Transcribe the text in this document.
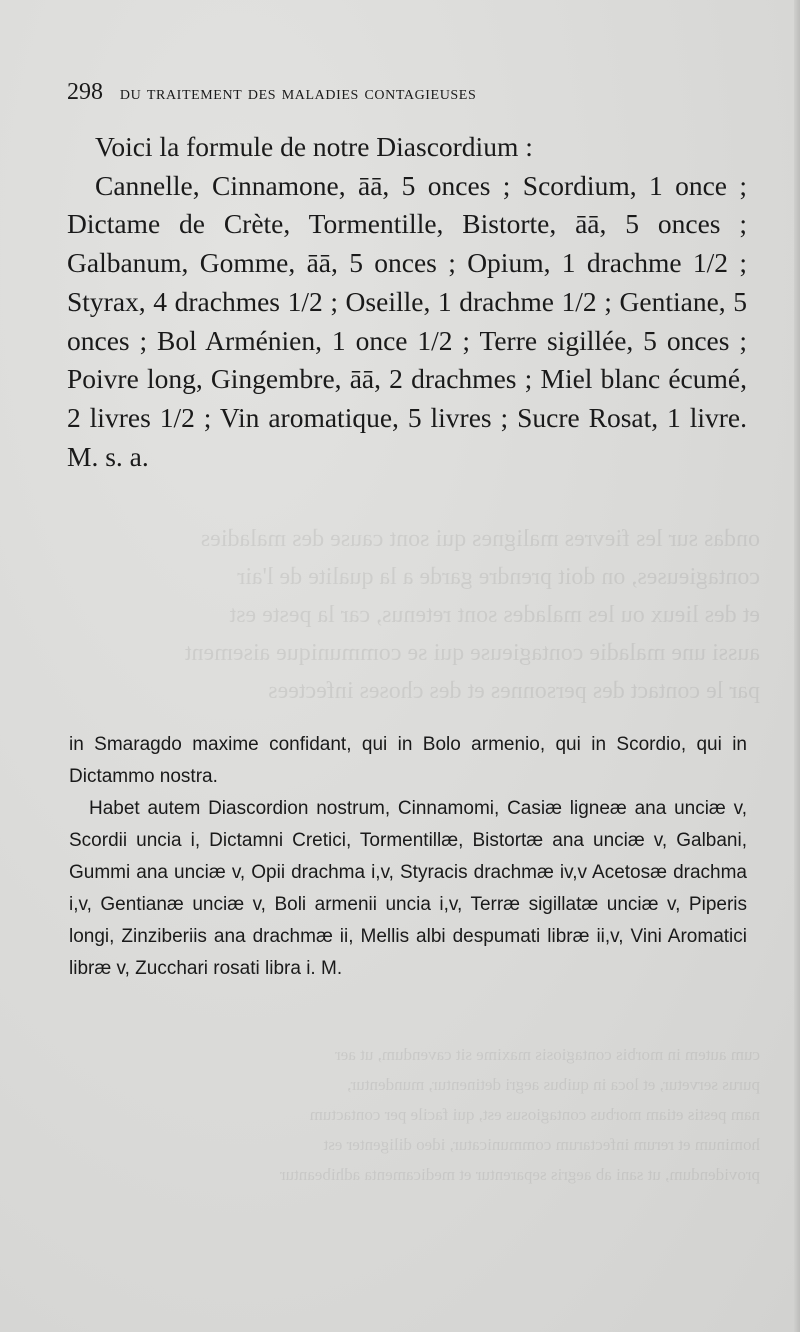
ondas sur les fievres malignes qui sont cause des maladies
contagieuses, on doit prendre garde a la qualite de l'air
et des lieux ou les malades sont retenus, car la peste est
aussi une maladie contagieuse qui se communique aisement
par le contact des personnes et des choses infectees
cum autem in morbis contagiosis maxime sit cavendum, ut aer
purus servetur, et loca in quibus aegri detinentur, mundentur,
nam pestis etiam morbus contagiosus est, qui facile per contactum
hominum et rerum infectarum communicatur, ideo diligenter est
providendum, ut sani ab aegris separentur et medicamenta adhibeantur
298 du traitement des maladies contagieuses

Voici la formule de notre Diascordium :

Cannelle, Cinnamone, āā, 5 onces ; Scordium, 1 once ; Dictame de Crète, Tormentille, Bistorte, āā, 5 onces ; Galbanum, Gomme, āā, 5 onces ; Opium, 1 drachme 1/2 ; Styrax, 4 drachmes 1/2 ; Oseille, 1 drachme 1/2 ; Gentiane, 5 onces ; Bol Arménien, 1 once 1/2 ; Terre sigillée, 5 onces ; Poivre long, Gingembre, āā, 2 drachmes ; Miel blanc écumé, 2 livres 1/2 ; Vin aromatique, 5 livres ; Sucre Rosat, 1 livre. M. s. a.

in Smaragdo maxime confidant, qui in Bolo armenio, qui in Scordio, qui in Dictammo nostra.

Habet autem Diascordion nostrum, Cinnamomi, Casiæ ligneæ ana unciæ v, Scordii uncia i, Dictamni Cretici, Tormentillæ, Bistortæ ana unciæ v, Galbani, Gummi ana unciæ v, Opii drachma i,v, Styracis drachmæ iv,v Acetosæ drachma i,v, Gentianæ unciæ v, Boli armenii uncia i,v, Terræ sigillatæ unciæ v, Piperis longi, Zinziberiis ana drachmæ ii, Mellis albi despumati libræ ii,v, Vini Aromatici libræ v, Zucchari rosati libra i. M.
